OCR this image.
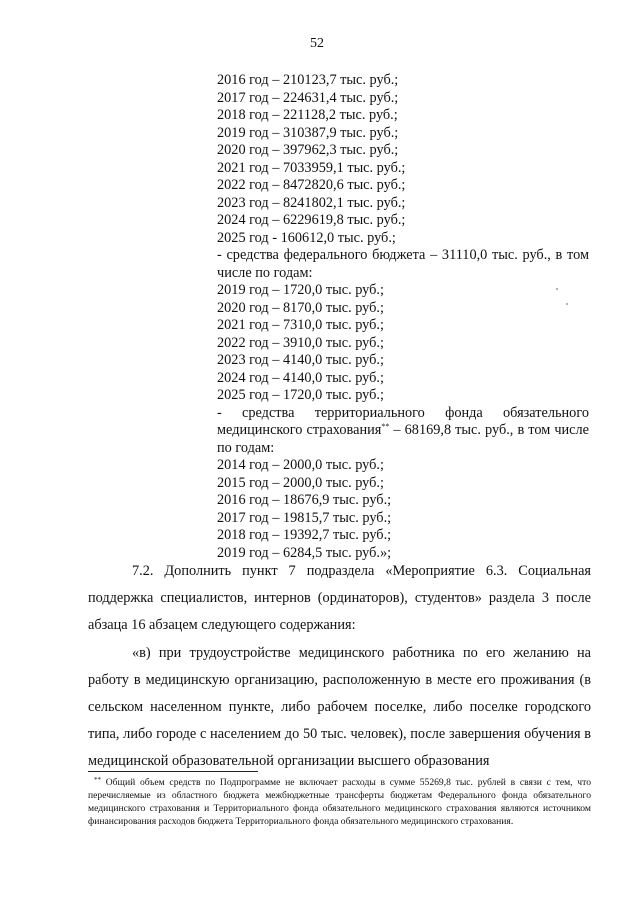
52
2016 год – 210123,7 тыс. руб.;
2017 год – 224631,4 тыс. руб.;
2018 год – 221128,2 тыс. руб.;
2019 год – 310387,9 тыс. руб.;
2020 год – 397962,3 тыс. руб.;
2021 год – 7033959,1 тыс. руб.;
2022 год – 8472820,6 тыс. руб.;
2023 год – 8241802,1 тыс. руб.;
2024 год – 6229619,8 тыс. руб.;
2025 год - 160612,0 тыс. руб.;
- средства федерального бюджета – 31110,0 тыс. руб., в том числе по годам:
2019 год – 1720,0 тыс. руб.;
2020 год – 8170,0 тыс. руб.;
2021 год – 7310,0 тыс. руб.;
2022 год – 3910,0 тыс. руб.;
2023 год – 4140,0 тыс. руб.;
2024 год – 4140,0 тыс. руб.;
2025 год – 1720,0 тыс. руб.;
- средства территориального фонда обязательного медицинского страхования** – 68169,8 тыс. руб., в том числе по годам:
2014 год – 2000,0 тыс. руб.;
2015 год – 2000,0 тыс. руб.;
2016 год – 18676,9 тыс. руб.;
2017 год – 19815,7 тыс. руб.;
2018 год – 19392,7 тыс. руб.;
2019 год – 6284,5 тыс. руб.»;

7.2. Дополнить пункт 7 подраздела «Мероприятие 6.3. Социальная поддержка специалистов, интернов (ординаторов), студентов» раздела 3 после абзаца 16 абзацем следующего содержания:

«в) при трудоустройстве медицинского работника по его желанию на работу в медицинскую организацию, расположенную в месте его проживания (в сельском населенном пункте, либо рабочем поселке, либо поселке городского типа, либо городе с населением до 50 тыс. человек), после завершения обучения в медицинской образовательной организации высшего образования

** Общий объем средств по Подпрограмме не включает расходы в сумме 55269,8 тыс. рублей в связи с тем, что перечисляемые из областного бюджета межбюджетные трансферты бюджетам Федерального фонда обязательного медицинского страхования и Территориального фонда обязательного медицинского страхования являются источником финансирования расходов бюджета Территориального фонда обязательного медицинского страхования.
